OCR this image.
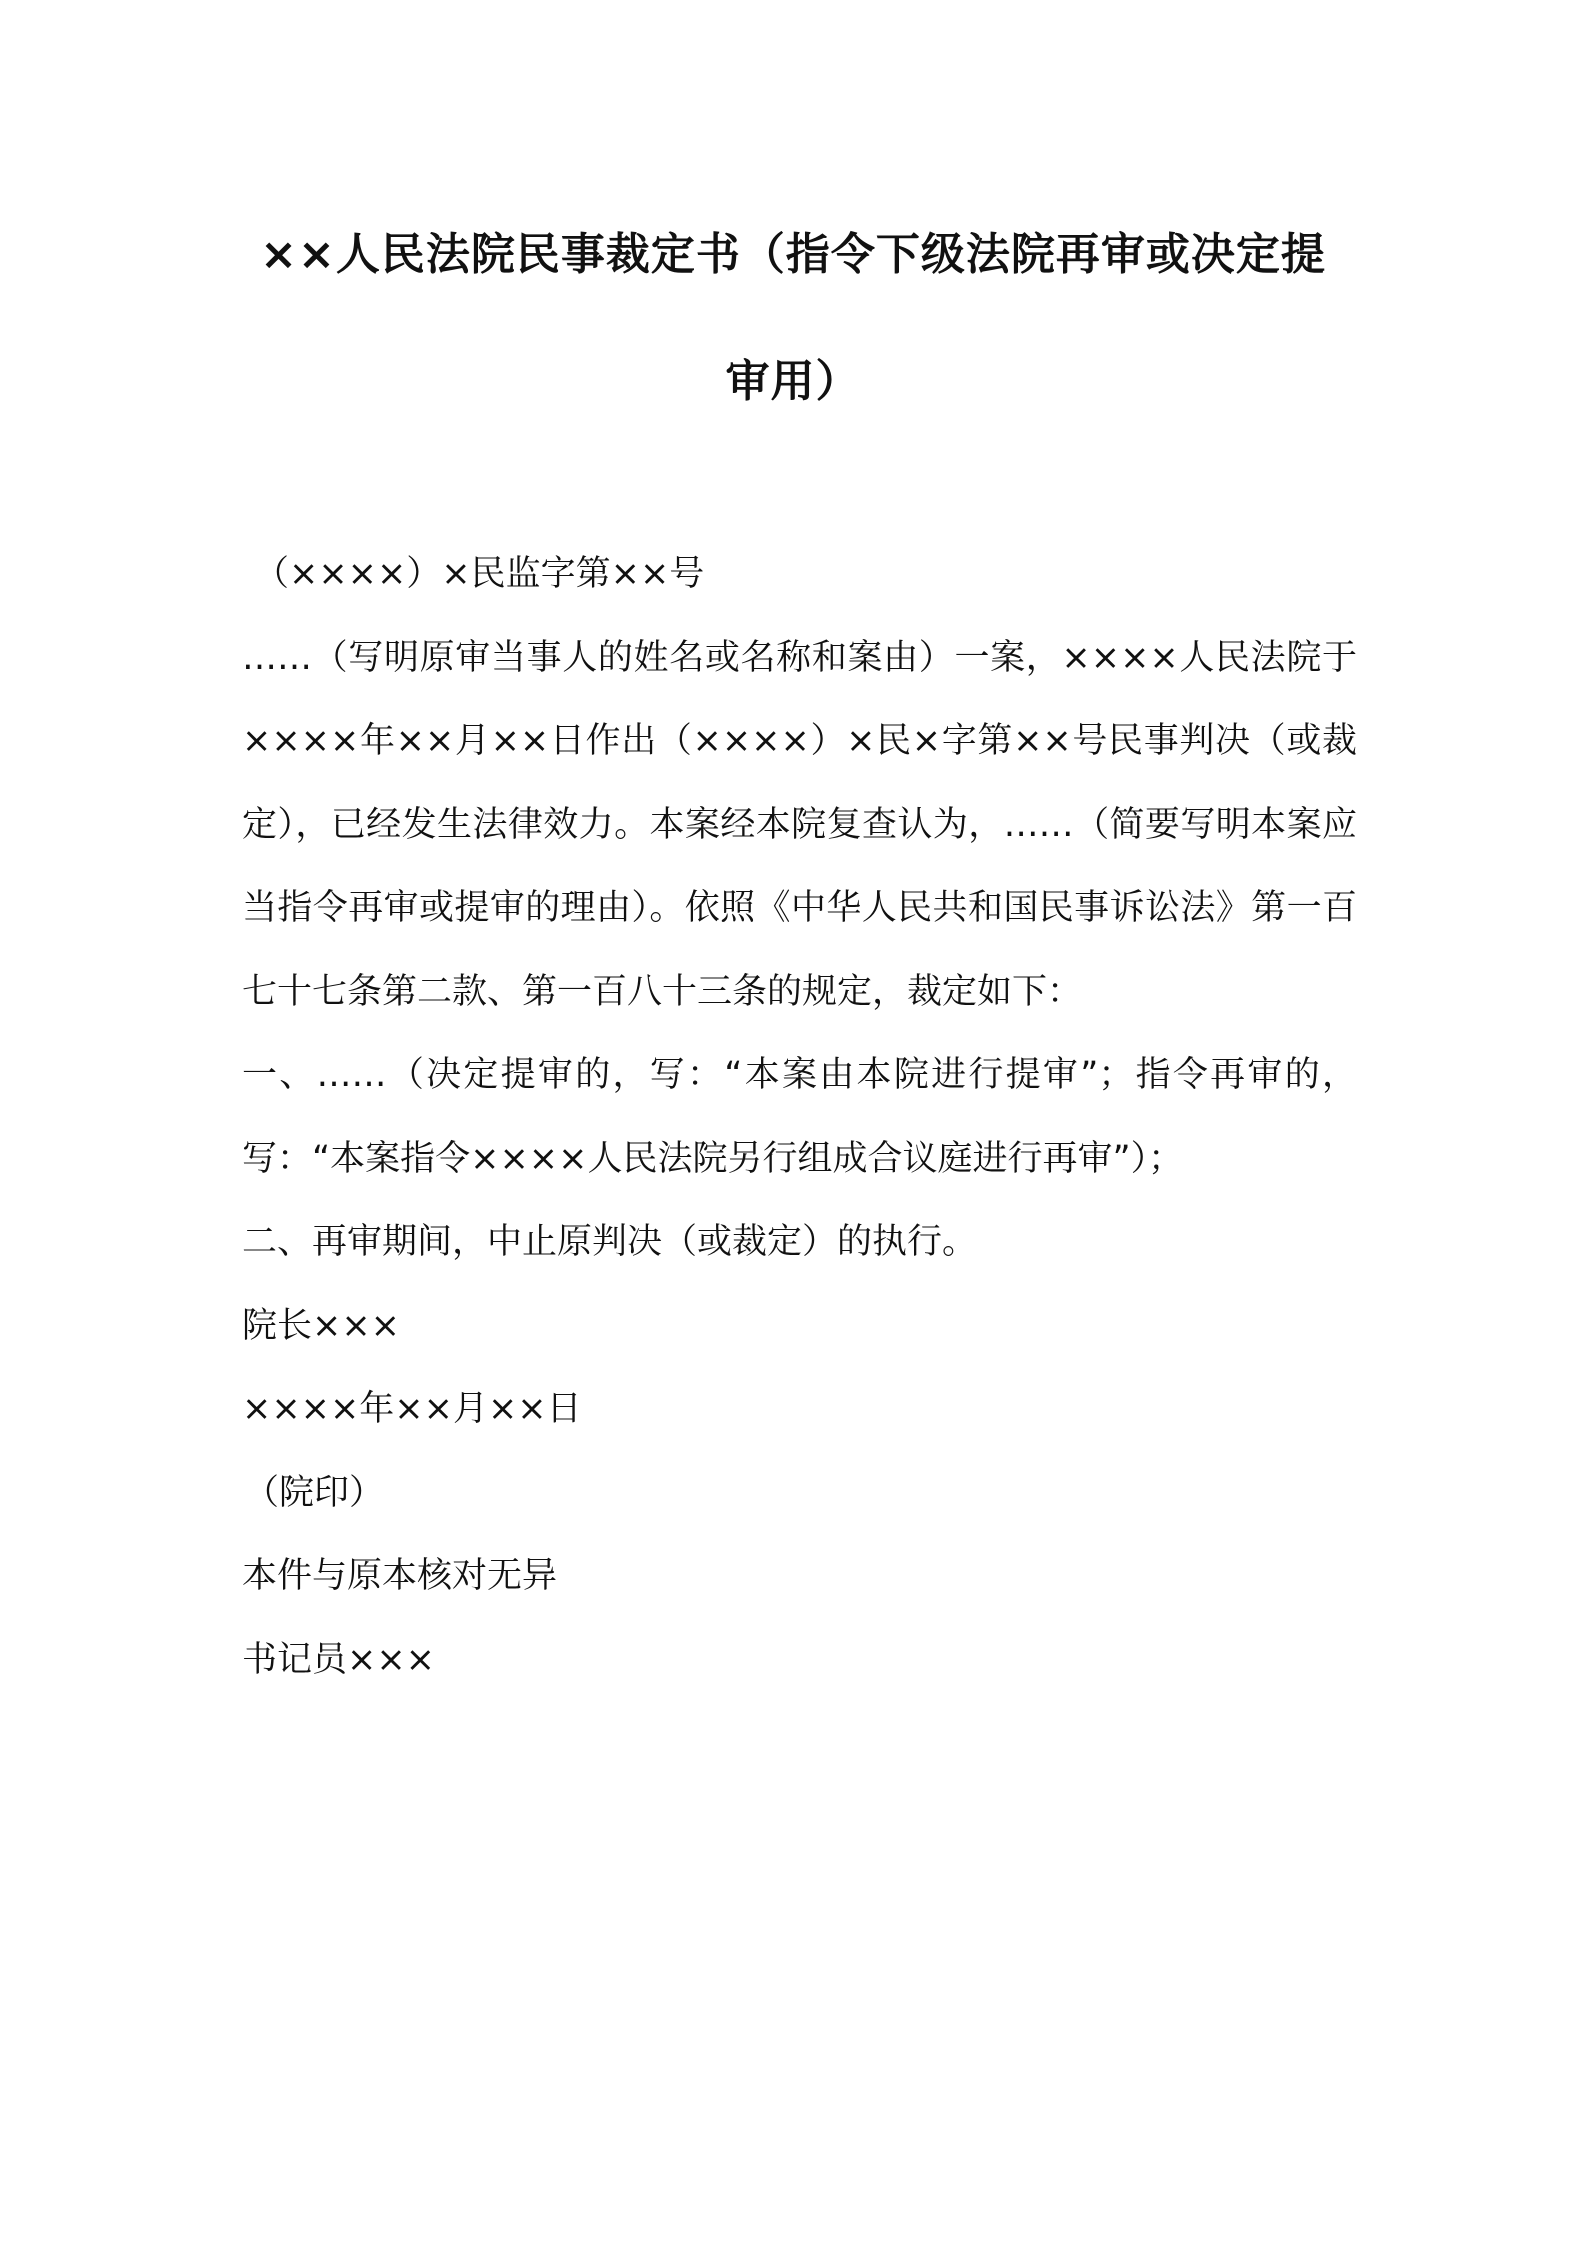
××人民法院民事裁定书（指令下级法院再审或决定提
审用）

（××××）×民监字第××号

……（写明原审当事人的姓名或名称和案由）一案，××××人民法院于××××年××月××日作出（××××）×民×字第××号民事判决（或裁定），已经发生法律效力。本案经本院复查认为，……（简要写明本案应当指令再审或提审的理由）。依照《中华人民共和国民事诉讼法》第一百七十七条第二款、第一百八十三条的规定，裁定如下：

一、……（决定提审的，写：“本案由本院进行提审”；指令再审的，写：“本案指令××××人民法院另行组成合议庭进行再审”）；

二、再审期间，中止原判决（或裁定）的执行。

院长×××

××××年××月××日

（院印）

本件与原本核对无异

书记员×××
